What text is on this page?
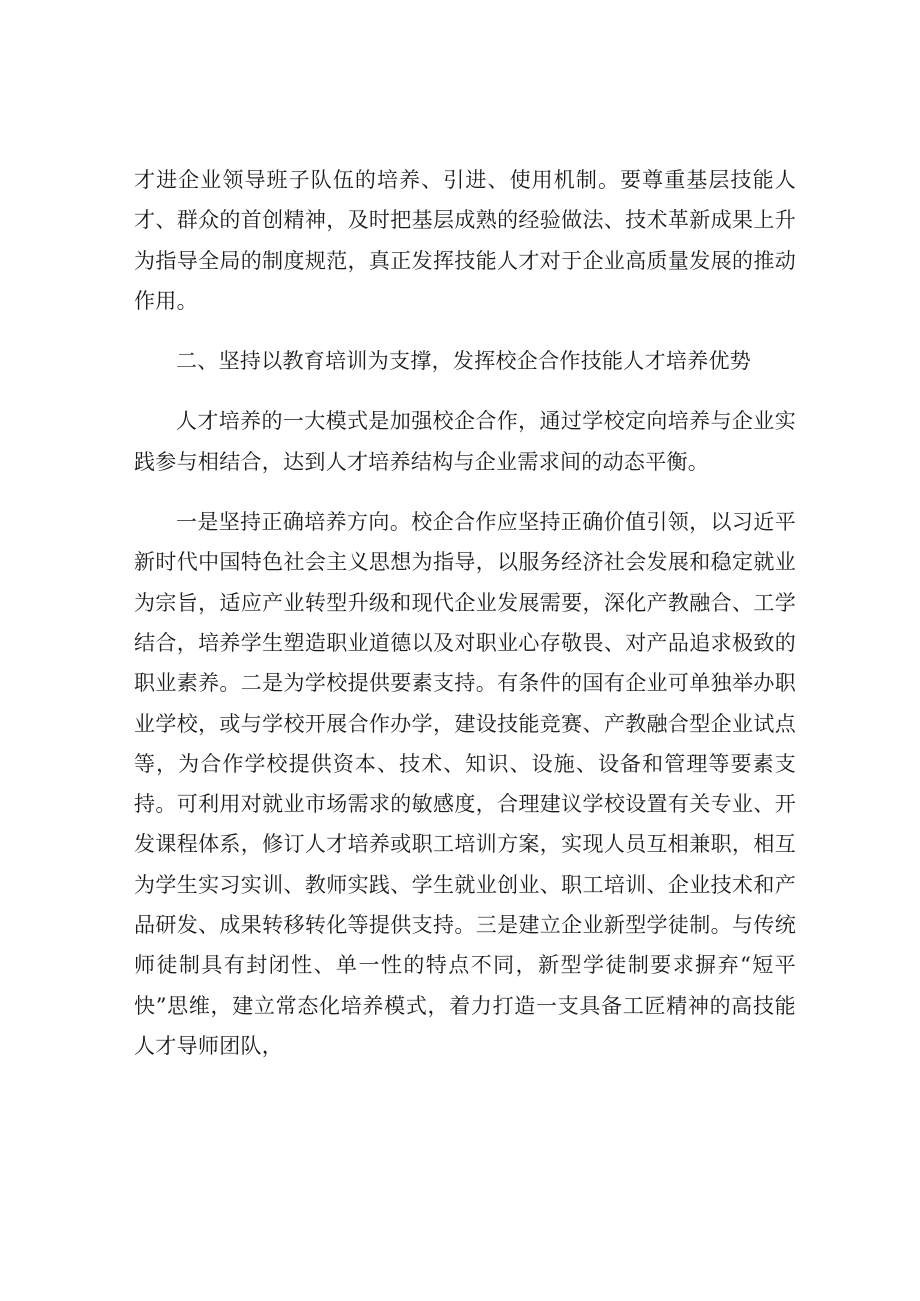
才进企业领导班子队伍的培养、引进、使用机制。要尊重基层技能人才、群众的首创精神，及时把基层成熟的经验做法、技术革新成果上升为指导全局的制度规范，真正发挥技能人才对于企业高质量发展的推动作用。

二、坚持以教育培训为支撑，发挥校企合作技能人才培养优势

人才培养的一大模式是加强校企合作，通过学校定向培养与企业实践参与相结合，达到人才培养结构与企业需求间的动态平衡。

一是坚持正确培养方向。校企合作应坚持正确价值引领，以习近平新时代中国特色社会主义思想为指导，以服务经济社会发展和稳定就业为宗旨，适应产业转型升级和现代企业发展需要，深化产教融合、工学结合，培养学生塑造职业道德以及对职业心存敬畏、对产品追求极致的职业素养。二是为学校提供要素支持。有条件的国有企业可单独举办职业学校，或与学校开展合作办学，建设技能竞赛、产教融合型企业试点等，为合作学校提供资本、技术、知识、设施、设备和管理等要素支持。可利用对就业市场需求的敏感度，合理建议学校设置有关专业、开发课程体系，修订人才培养或职工培训方案，实现人员互相兼职，相互为学生实习实训、教师实践、学生就业创业、职工培训、企业技术和产品研发、成果转移转化等提供支持。三是建立企业新型学徒制。与传统师徒制具有封闭性、单一性的特点不同，新型学徒制要求摒弃“短平快”思维，建立常态化培养模式，着力打造一支具备工匠精神的高技能人才导师团队，
